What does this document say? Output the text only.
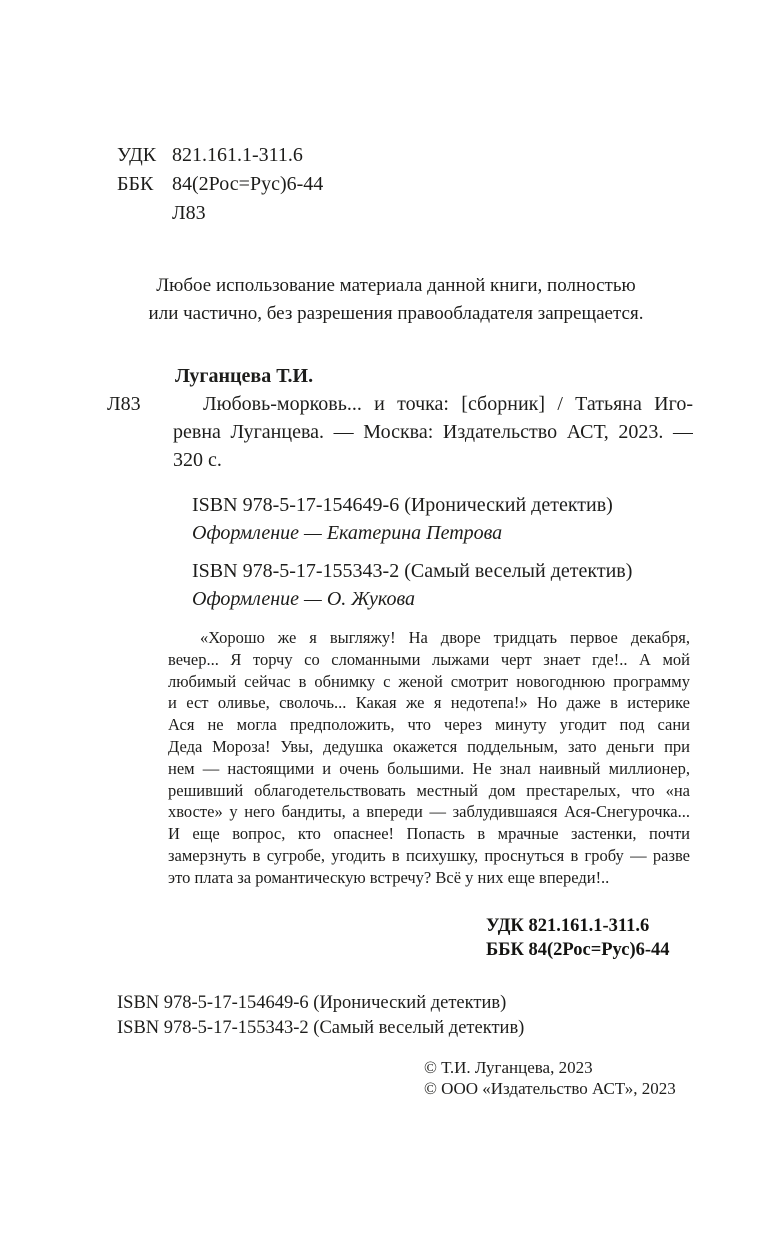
УДК 821.161.1-311.6
ББК 84(2Рос=Рус)6-44
Л83
Любое использование материала данной книги, полностью
или частично, без разрешения правообладателя запрещается.
Луганцева Т.И.
Л83	Любовь-морковь... и точка: [сборник] / Татьяна Иго-
ревна Луганцева. — Москва: Издательство АСТ, 2023. —
320 с.
ISBN 978-5-17-154649-6 (Иронический детектив)
Оформление — Екатерина Петрова
ISBN 978-5-17-155343-2 (Самый веселый детектив)
Оформление — О. Жукова
«Хорошо же я выгляжу! На дворе тридцать первое декабря,
вечер... Я торчу со сломанными лыжами черт знает где!.. А мой
любимый сейчас в обнимку с женой смотрит новогоднюю программу
и ест оливье, сволочь... Какая же я недотепа!» Но даже в истерике
Ася не могла предположить, что через минуту угодит под сани
Деда Мороза! Увы, дедушка окажется поддельным, зато деньги при
нем — настоящими и очень большими. Не знал наивный миллионер,
решивший облагодетельствовать местный дом престарелых, что «на
хвосте» у него бандиты, а впереди — заблудившаяся Ася-Снегурочка...
И еще вопрос, кто опаснее! Попасть в мрачные застенки, почти
замерзнуть в сугробе, угодить в психушку, проснуться в гробу — разве
это плата за романтическую встречу? Всё у них еще впереди!..
УДК 821.161.1-311.6
ББК 84(2Рос=Рус)6-44
ISBN 978-5-17-154649-6 (Иронический детектив)
ISBN 978-5-17-155343-2 (Самый веселый детектив)
© Т.И. Луганцева, 2023
© ООО «Издательство АСТ», 2023
